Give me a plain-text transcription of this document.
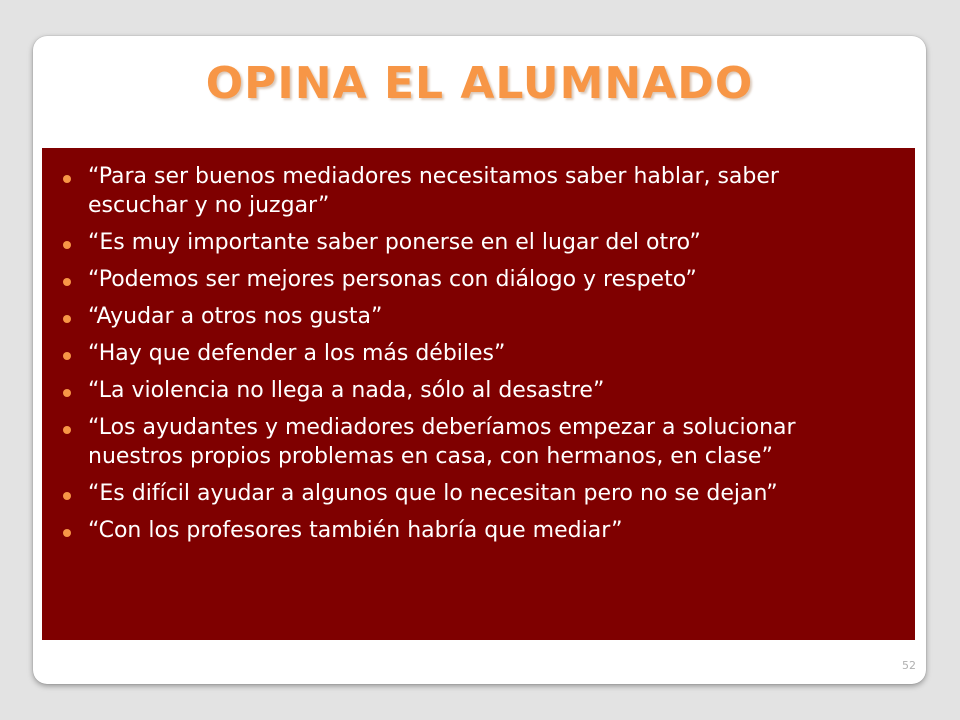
OPINA EL ALUMNADO
“Para ser buenos mediadores necesitamos saber hablar, saber escuchar y no juzgar”
“Es muy importante saber ponerse en el lugar del otro”
“Podemos ser mejores personas con diálogo y respeto”
“Ayudar a otros nos gusta”
“Hay que defender a los más débiles”
“La violencia no llega a nada, sólo al desastre”
“Los ayudantes y mediadores deberíamos empezar a solucionar nuestros propios problemas en casa, con hermanos, en clase”
“Es difícil ayudar a algunos que lo necesitan pero no se dejan”
“Con los profesores también habría que mediar”
52
